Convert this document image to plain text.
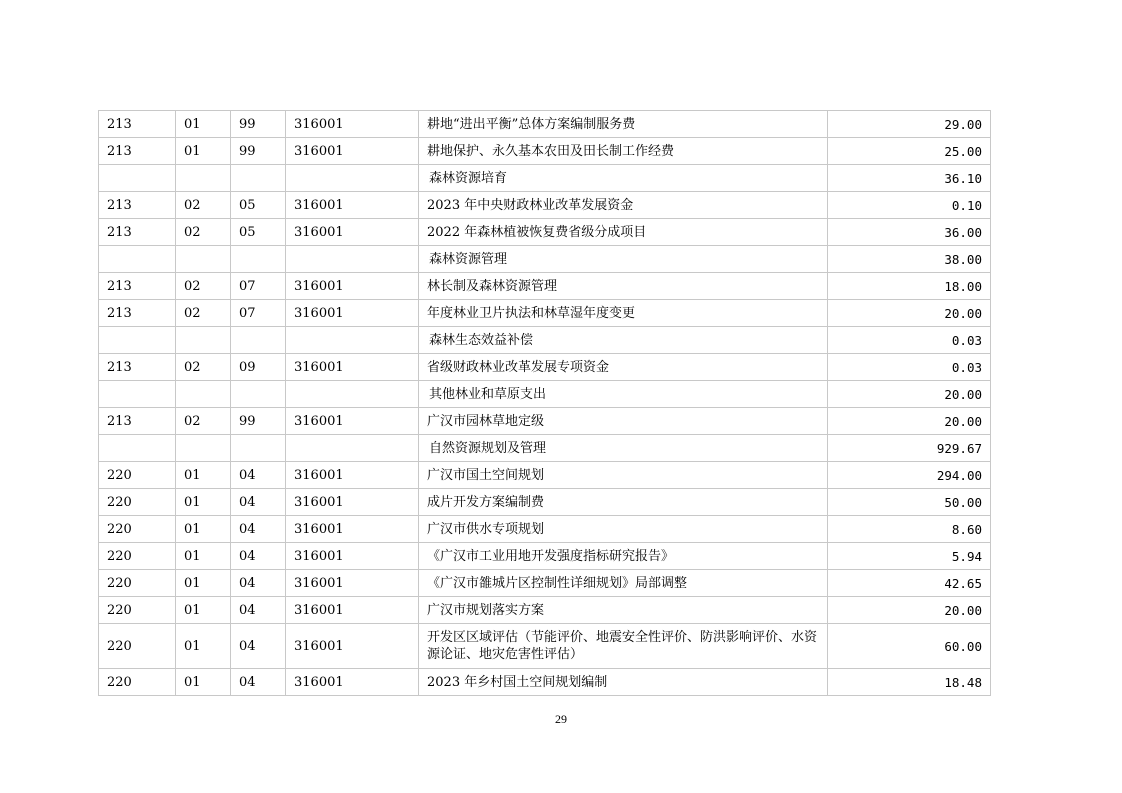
213	01	99	316001	耕地“进出平衡”总体方案编制服务费	29.00
213	01	99	316001	耕地保护、永久基本农田及田长制工作经费	25.00
				森林资源培育	36.10
213	02	05	316001	2023 年中央财政林业改革发展资金	0.10
213	02	05	316001	2022 年森林植被恢复费省级分成项目	36.00
				森林资源管理	38.00
213	02	07	316001	林长制及森林资源管理	18.00
213	02	07	316001	年度林业卫片执法和林草湿年度变更	20.00
				森林生态效益补偿	0.03
213	02	09	316001	省级财政林业改革发展专项资金	0.03
				其他林业和草原支出	20.00
213	02	99	316001	广汉市园林草地定级	20.00
				自然资源规划及管理	929.67
220	01	04	316001	广汉市国土空间规划	294.00
220	01	04	316001	成片开发方案编制费	50.00
220	01	04	316001	广汉市供水专项规划	8.60
220	01	04	316001	《广汉市工业用地开发强度指标研究报告》	5.94
220	01	04	316001	《广汉市雒城片区控制性详细规划》局部调整	42.65
220	01	04	316001	广汉市规划落实方案	20.00
220	01	04	316001	开发区区域评估（节能评价、地震安全性评价、防洪影响评价、水资源论证、地灾危害性评估）	60.00
220	01	04	316001	2023 年乡村国土空间规划编制	18.48
29
